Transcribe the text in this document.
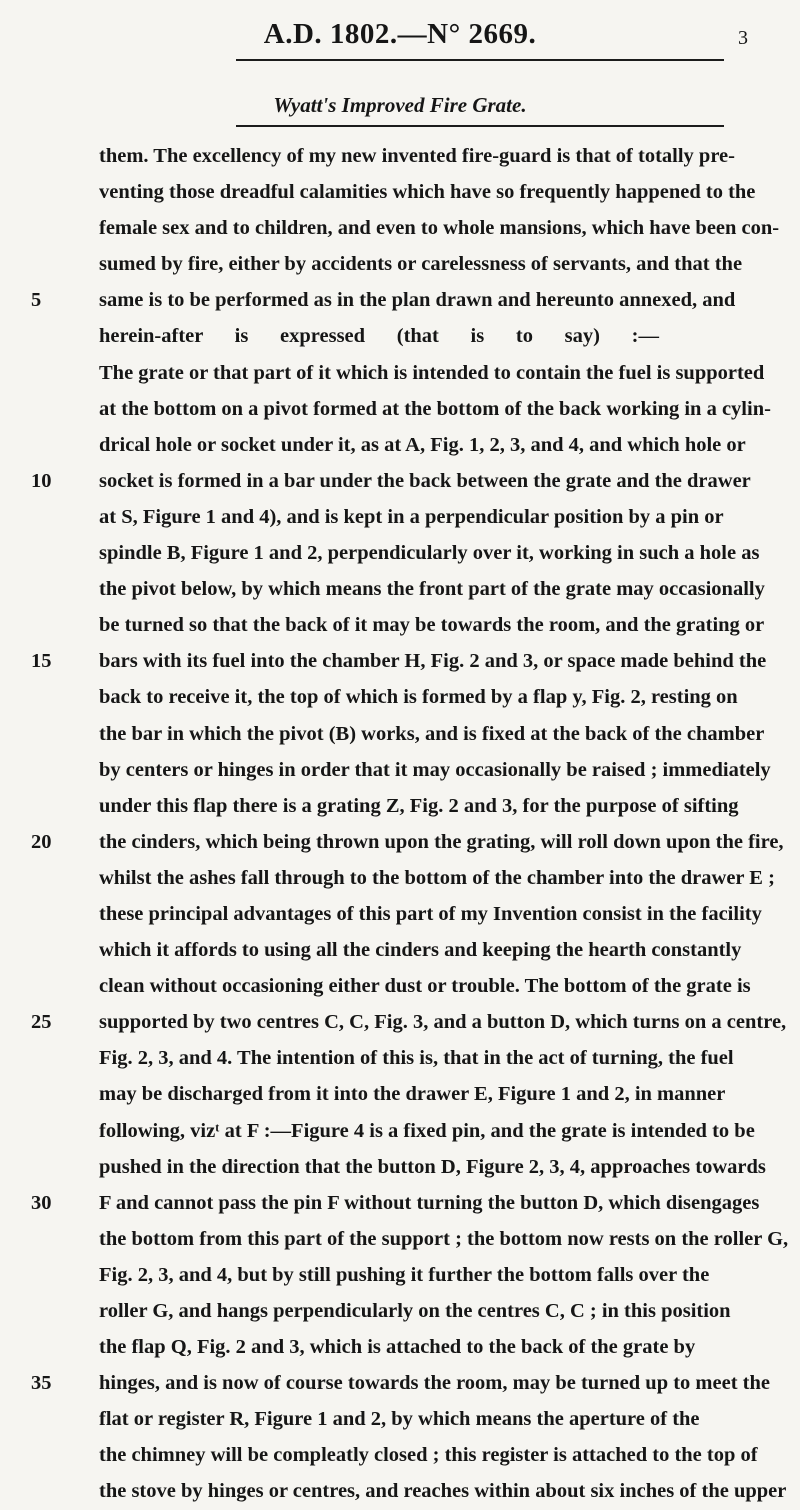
A.D. 1802.—N° 2669.	3
Wyatt's Improved Fire Grate.
them. The excellency of my new invented fire-guard is that of totally pre-
venting those dreadful calamities which have so frequently happened to the
female sex and to children, and even to whole mansions, which have been con-
sumed by fire, either by accidents or carelessness of servants, and that the
5	same is to be performed as in the plan drawn and hereunto annexed, and
herein-after is expressed (that is to say) :—
The grate or that part of it which is intended to contain the fuel is supported
at the bottom on a pivot formed at the bottom of the back working in a cylin-
drical hole or socket under it, as at A, Fig. 1, 2, 3, and 4, and which hole or
10	socket is formed in a bar under the back between the grate and the drawer
at S, Figure 1 and 4), and is kept in a perpendicular position by a pin or
spindle B, Figure 1 and 2, perpendicularly over it, working in such a hole as
the pivot below, by which means the front part of the grate may occasionally
be turned so that the back of it may be towards the room, and the grating or
15	bars with its fuel into the chamber H, Fig. 2 and 3, or space made behind the
back to receive it, the top of which is formed by a flap y, Fig. 2, resting on
the bar in which the pivot (B) works, and is fixed at the back of the chamber
by centers or hinges in order that it may occasionally be raised ; immediately
under this flap there is a grating Z, Fig. 2 and 3, for the purpose of sifting
20	the cinders, which being thrown upon the grating, will roll down upon the fire,
whilst the ashes fall through to the bottom of the chamber into the drawer E ;
these principal advantages of this part of my Invention consist in the facility
which it affords to using all the cinders and keeping the hearth constantly
clean without occasioning either dust or trouble. The bottom of the grate is
25	supported by two centres C, C, Fig. 3, and a button D, which turns on a centre,
Fig. 2, 3, and 4. The intention of this is, that in the act of turning, the fuel
may be discharged from it into the drawer E, Figure 1 and 2, in manner
following, vizᵗ at F :—Figure 4 is a fixed pin, and the grate is intended to be
pushed in the direction that the button D, Figure 2, 3, 4, approaches towards
30	F and cannot pass the pin F without turning the button D, which disengages
the bottom from this part of the support ; the bottom now rests on the roller G,
Fig. 2, 3, and 4, but by still pushing it further the bottom falls over the
roller G, and hangs perpendicularly on the centres C, C ; in this position
the flap Q, Fig. 2 and 3, which is attached to the back of the grate by
35	hinges, and is now of course towards the room, may be turned up to meet the
flat or register R, Figure 1 and 2, by which means the aperture of the
the chimney will be compleatly closed ; this register is attached to the top of
the stove by hinges or centres, and reaches within about six inches of the upper
